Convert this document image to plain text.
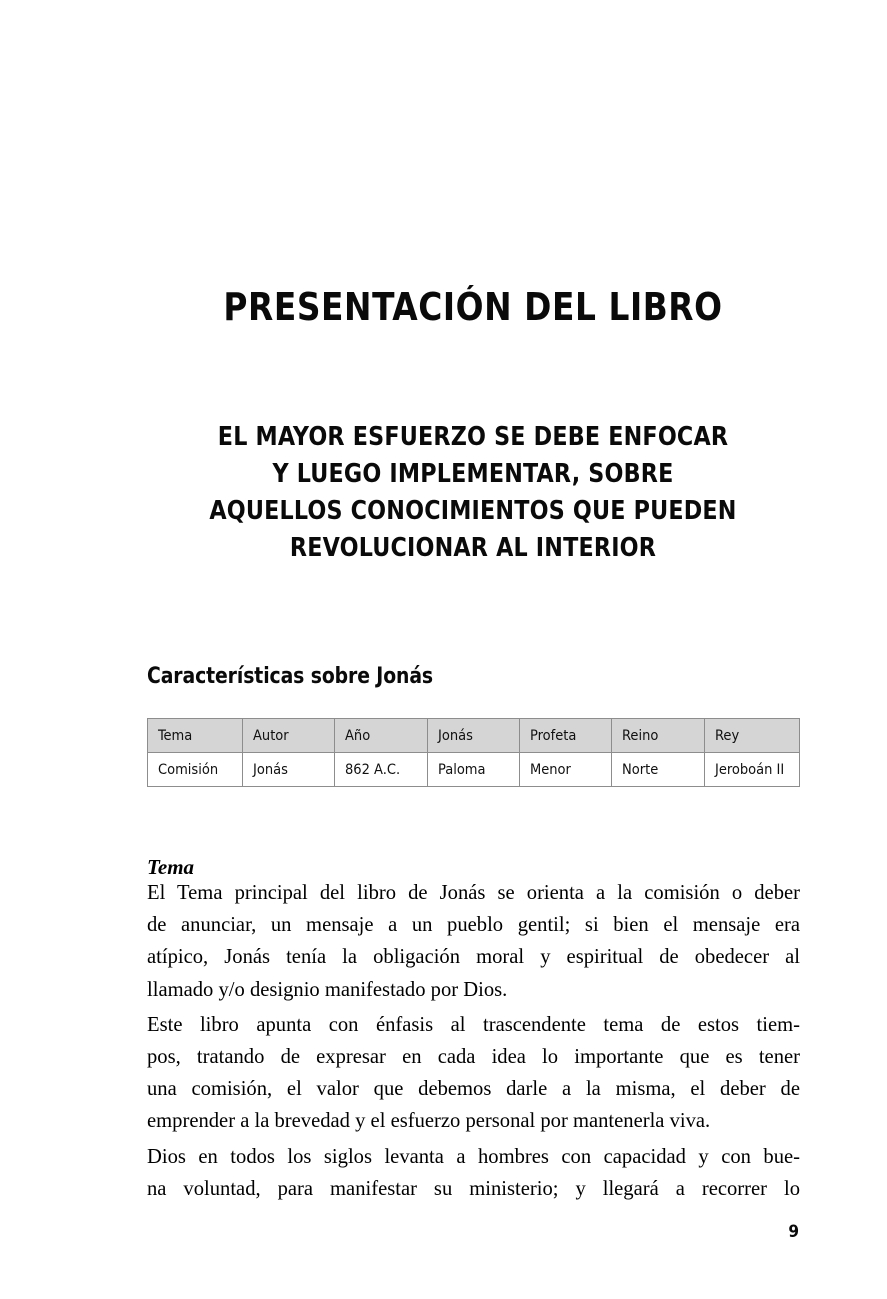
PRESENTACIÓN DEL LIBRO
EL MAYOR ESFUERZO SE DEBE ENFOCAR
Y LUEGO IMPLEMENTAR, SOBRE
AQUELLOS CONOCIMIENTOS QUE PUEDEN
REVOLUCIONAR AL INTERIOR
Características sobre Jonás
Tema	Autor	Año	Jonás	Profeta	Reino	Rey
Comisión	Jonás	862 A.C.	Paloma	Menor	Norte	Jeroboán II
Tema

El Tema principal del libro de Jonás se orienta a la comisión o deber
de anunciar, un mensaje a un pueblo gentil; si bien el mensaje era
atípico, Jonás tenía la obligación moral y espiritual de obedecer al
llamado y/o designio manifestado por Dios.

Este libro apunta con énfasis al trascendente tema de estos tiem-
pos, tratando de expresar en cada idea lo importante que es tener
una comisión, el valor que debemos darle a la misma, el deber de
emprender a la brevedad y el esfuerzo personal por mantenerla viva.

Dios en todos los siglos levanta a hombres con capacidad y con bue-
na voluntad, para manifestar su ministerio; y llegará a recorrer lo

9
